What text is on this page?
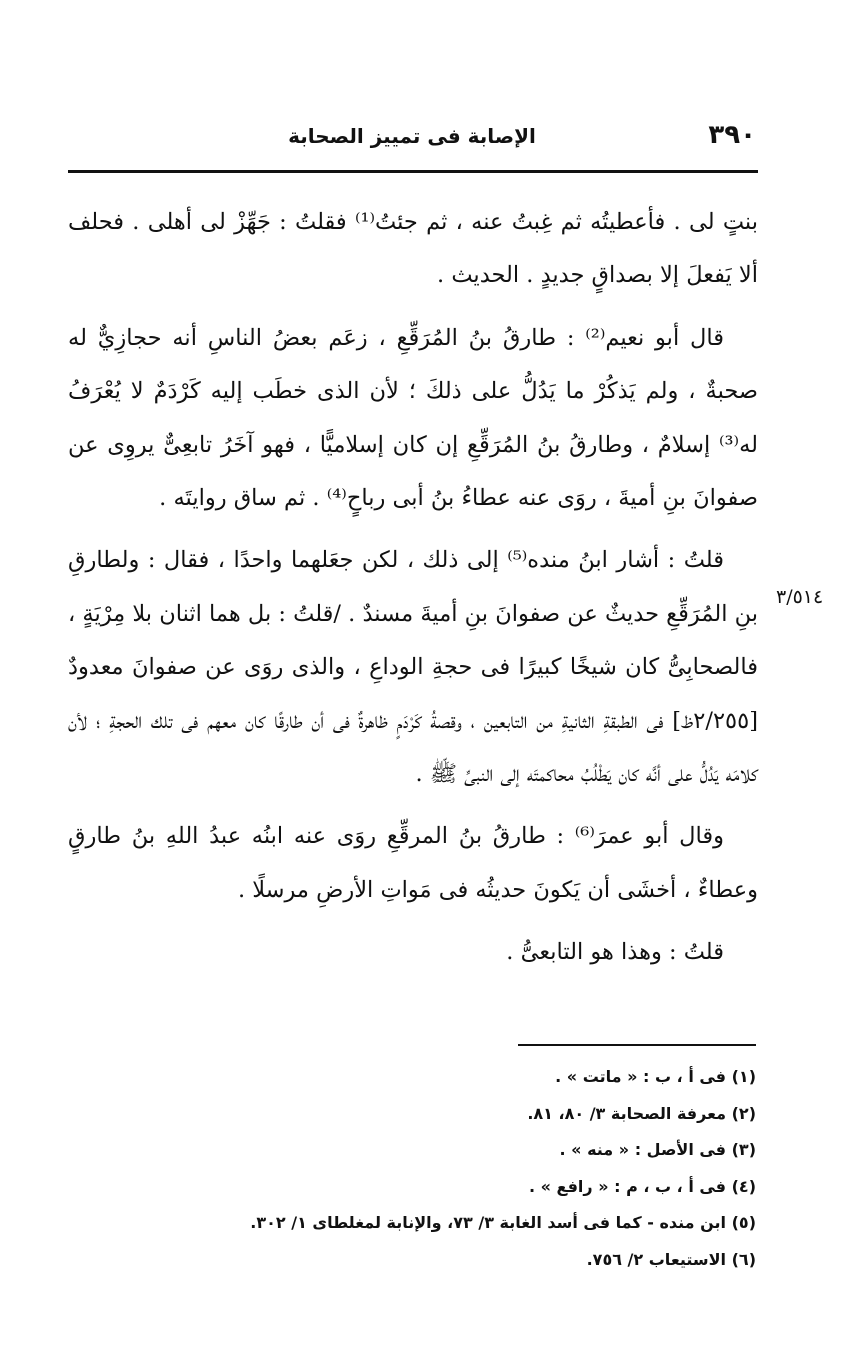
٣٩٠
الإصابة فى تمييز الصحابة

بنتٍ لى . فأعطيتُه ثم غِبتُ عنه ، ثم جئتُ⁽¹⁾ فقلتُ : جَهِّزْ لى أهلى . فحلف ألا يَفعلَ إلا بصداقٍ جديدٍ . الحديث .

قال أبو نعيم⁽²⁾ : طارقُ بنُ المُرَقِّعِ ، زعَم بعضُ الناسِ أنه حجازِيٌّ له صحبةٌ ، ولم يَذكُرْ ما يَدُلُّ على ذلكَ ؛ لأن الذى خطَب إليه كَرْدَمٌ لا يُعْرَفُ له⁽³⁾ إسلامٌ ، وطارقُ بنُ المُرَقِّعِ إن كان إسلاميًّا ، فهو آخَرُ تابعِىٌّ يروِى عن صفوانَ بنِ أميةَ ، روَى عنه عطاءُ بنُ أبى رباحٍ⁽⁴⁾ . ثم ساق روايتَه .

قلتُ : أشار ابنُ منده⁽⁵⁾ إلى ذلك ، لكن جعَلهما واحدًا ، فقال : ولطارقِ بنِ المُرَقِّعِ حديثٌ عن صفوانَ بنِ أميةَ مسندٌ . /قلتُ : بل هما اثنان بلا مِرْيَةٍ ، فالصحابِىُّ كان شيخًا كبيرًا فى حجةِ الوداعِ ، والذى روَى عن صفوانَ معدودٌ [٢/٢٥٥ظ] فى الطبقةِ الثانيةِ من التابعين ، وقصةُ كَرْدَمٍ ظاهرةٌ فى أن طارقًا كان معهم فى تلك الحجةِ ؛ لأن كلامَه يَدُلُّ على أنَّه كان يَطْلُبُ محاكمتَه إلى النبىِّ ﷺ .

وقال أبو عمرَ⁽⁶⁾ : طارقُ بنُ المرقِّعِ روَى عنه ابنُه عبدُ اللهِ بنُ طارقٍ وعطاءٌ ، أخشَى أن يَكونَ حديثُه فى مَواتِ الأرضِ مرسلًا .

قلتُ : وهذا هو التابعىُّ .

٣/٥١٤
(١) فى أ ، ب : « ماتت » .
(٢) معرفة الصحابة ٣/ ٨٠، ٨١.
(٣) فى الأصل : « منه » .
(٤) فى أ ، ب ، م : « رافع » .
(٥) ابن منده - كما فى أسد الغابة ٣/ ٧٣، والإنابة لمغلطاى ١/ ٣٠٢.
(٦) الاستيعاب ٢/ ٧٥٦.
